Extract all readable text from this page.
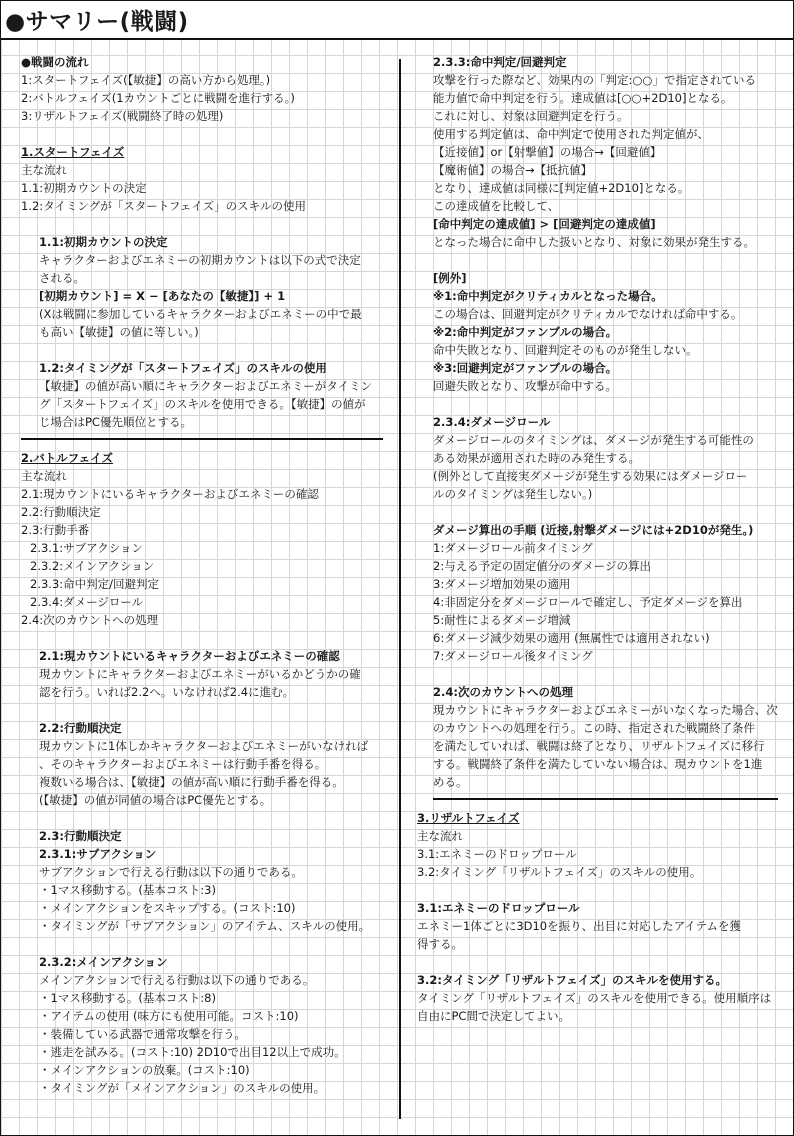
●サマリー(戦闘)
●戦闘の流れ
1:スタートフェイズ(【敏捷】の高い方から処理。)
2:バトルフェイズ(1カウントごとに戦闘を進行する。)
3:リザルトフェイズ(戦闘終了時の処理)
1.スタートフェイズ
主な流れ
1.1:初期カウントの決定
1.2:タイミングが「スタートフェイズ」のスキルの使用
1.1:初期カウントの決定
キャラクターおよびエネミーの初期カウントは以下の式で決定
される。
[初期カウント] = X − [あなたの【敏捷】] + 1
(Xは戦闘に参加しているキャラクターおよびエネミーの中で最
も高い【敏捷】の値に等しい。)
1.2:タイミングが「スタートフェイズ」のスキルの使用
【敏捷】の値が高い順にキャラクターおよびエネミーがタイミン
グ「スタートフェイズ」のスキルを使用できる。【敏捷】の値が
じ場合はPC優先順位とする。
2.バトルフェイズ
主な流れ
2.1:現カウントにいるキャラクターおよびエネミーの確認
2.2:行動順決定
2.3:行動手番
2.3.1:サブアクション
2.3.2:メインアクション
2.3.3:命中判定/回避判定
2.3.4:ダメージロール
2.4:次のカウントへの処理
2.1:現カウントにいるキャラクターおよびエネミーの確認
現カウントにキャラクターおよびエネミーがいるかどうかの確
認を行う。いれば2.2へ。いなければ2.4に進む。
2.2:行動順決定
現カウントに1体しかキャラクターおよびエネミーがいなければ
、そのキャラクターおよびエネミーは行動手番を得る。
複数いる場合は、【敏捷】の値が高い順に行動手番を得る。
(【敏捷】の値が同値の場合はPC優先とする。
2.3:行動順決定
2.3.1:サブアクション
サブアクションで行える行動は以下の通りである。
・1マス移動する。(基本コスト:3)
・メインアクションをスキップする。(コスト:10)
・タイミングが「サブアクション」のアイテム、スキルの使用。
2.3.2:メインアクション
メインアクションで行える行動は以下の通りである。
・1マス移動する。(基本コスト:8)
・アイテムの使用 (味方にも使用可能。コスト:10)
・装備している武器で通常攻撃を行う。
・逃走を試みる。(コスト:10) 2D10で出目12以上で成功。
・メインアクションの放棄。(コスト:10)
・タイミングが「メインアクション」のスキルの使用。
2.3.3:命中判定/回避判定
攻撃を行った際など、効果内の「判定:○○」で指定されている
能力値で命中判定を行う。達成値は[○○+2D10]となる。
これに対し、対象は回避判定を行う。
使用する判定値は、命中判定で使用された判定値が、
【近接値】or【射撃値】の場合→【回避値】
【魔術値】の場合→【抵抗値】
となり、達成値は同様に[判定値+2D10]となる。
この達成値を比較して、
[命中判定の達成値] > [回避判定の達成値]
となった場合に命中した扱いとなり、対象に効果が発生する。
[例外]
※1:命中判定がクリティカルとなった場合。
この場合は、回避判定がクリティカルでなければ命中する。
※2:命中判定がファンブルの場合。
命中失敗となり、回避判定そのものが発生しない。
※3:回避判定がファンブルの場合。
回避失敗となり、攻撃が命中する。
2.3.4:ダメージロール
ダメージロールのタイミングは、ダメージが発生する可能性の
ある効果が適用された時のみ発生する。
(例外として直接実ダメージが発生する効果にはダメージロー
ルのタイミングは発生しない。)
ダメージ算出の手順 (近接,射撃ダメージには+2D10が発生。)
1:ダメージロール前タイミング
2:与える予定の固定値分のダメージの算出
3:ダメージ増加効果の適用
4:非固定分をダメージロールで確定し、予定ダメージを算出
5:耐性によるダメージ増減
6:ダメージ減少効果の適用 (無属性では適用されない)
7:ダメージロール後タイミング
2.4:次のカウントへの処理
現カウントにキャラクターおよびエネミーがいなくなった場合、次
のカウントへの処理を行う。この時、指定された戦闘終了条件
を満たしていれば、戦闘は終了となり、リザルトフェイズに移行
する。戦闘終了条件を満たしていない場合は、現カウントを1進
める。
3.リザルトフェイズ
主な流れ
3.1:エネミーのドロップロール
3.2:タイミング「リザルトフェイズ」のスキルの使用。
3.1:エネミーのドロップロール
エネミー1体ごとに3D10を振り、出目に対応したアイテムを獲
得する。
3.2:タイミング「リザルトフェイズ」のスキルを使用する。
タイミング「リザルトフェイズ」のスキルを使用できる。使用順序は
自由にPC間で決定してよい。
